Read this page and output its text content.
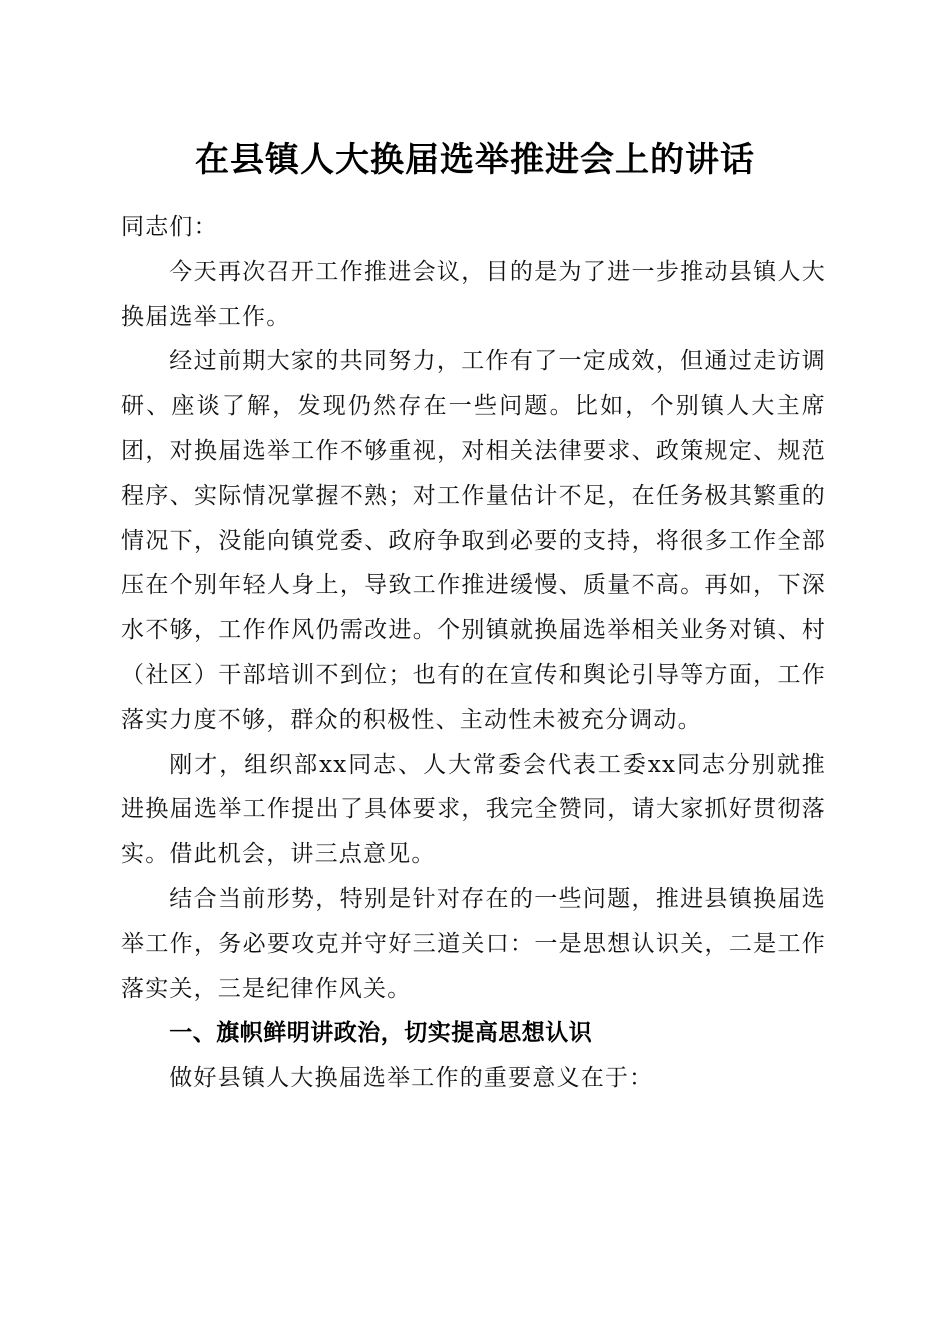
在县镇人大换届选举推进会上的讲话

同志们：

今天再次召开工作推进会议，目的是为了进一步推动县镇人大换届选举工作。

经过前期大家的共同努力，工作有了一定成效，但通过走访调研、座谈了解，发现仍然存在一些问题。比如，个别镇人大主席团，对换届选举工作不够重视，对相关法律要求、政策规定、规范程序、实际情况掌握不熟；对工作量估计不足，在任务极其繁重的情况下，没能向镇党委、政府争取到必要的支持，将很多工作全部压在个别年轻人身上，导致工作推进缓慢、质量不高。再如，下深水不够，工作作风仍需改进。个别镇就换届选举相关业务对镇、村（社区）干部培训不到位；也有的在宣传和舆论引导等方面，工作落实力度不够，群众的积极性、主动性未被充分调动。

刚才，组织部xx同志、人大常委会代表工委xx同志分别就推进换届选举工作提出了具体要求，我完全赞同，请大家抓好贯彻落实。借此机会，讲三点意见。

结合当前形势，特别是针对存在的一些问题，推进县镇换届选举工作，务必要攻克并守好三道关口：一是思想认识关，二是工作落实关，三是纪律作风关。

一、旗帜鲜明讲政治，切实提高思想认识

做好县镇人大换届选举工作的重要意义在于：
